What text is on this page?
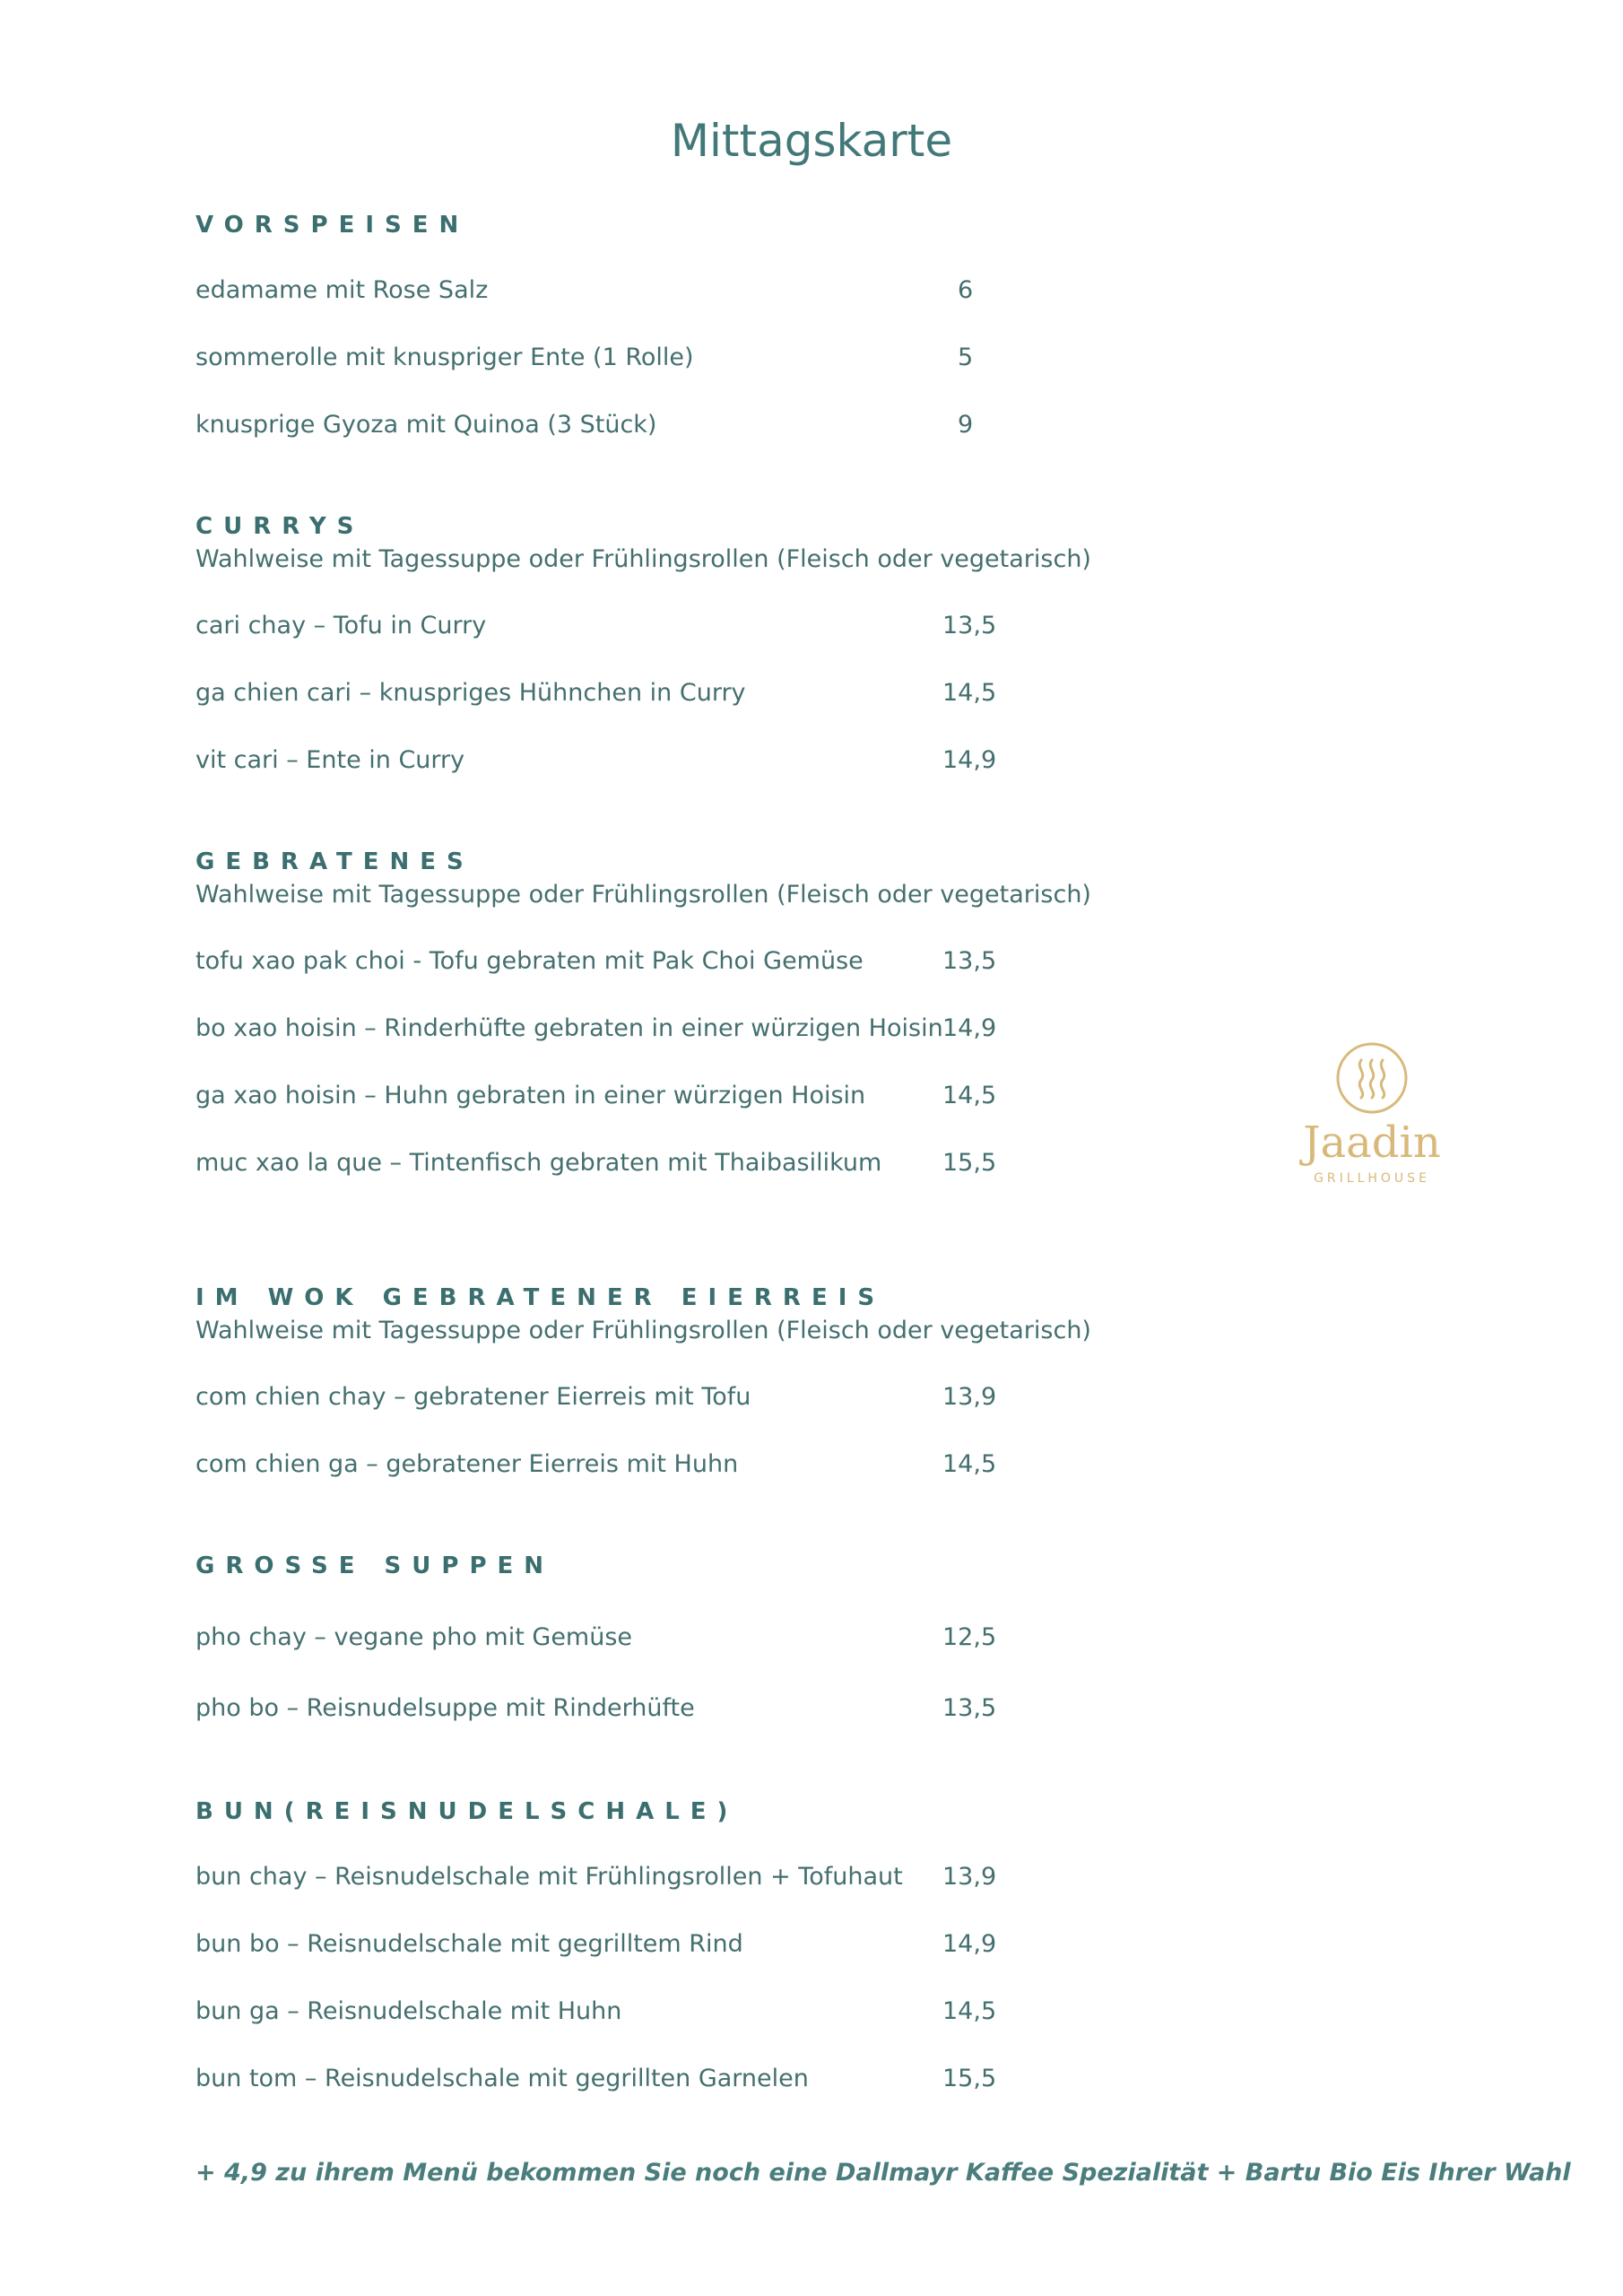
Mittagskarte
VORSPEISEN
edamame mit Rose Salz	6
sommerolle mit knuspriger Ente (1 Rolle)	5
knusprige Gyoza mit Quinoa (3 Stück)	9
CURRYS
Wahlweise mit Tagessuppe oder Frühlingsrollen (Fleisch oder vegetarisch)
cari chay – Tofu in Curry	13,5
ga chien cari – knuspriges Hühnchen in Curry	14,5
vit cari – Ente in Curry	14,9
GEBRATENES
Wahlweise mit Tagessuppe oder Frühlingsrollen (Fleisch oder vegetarisch)
tofu xao pak choi - Tofu gebraten mit Pak Choi Gemüse	13,5
bo xao hoisin – Rinderhüfte gebraten in einer würzigen Hoisin 14,9
ga xao hoisin – Huhn gebraten in einer würzigen Hoisin	14,5
muc xao la que – Tintenfisch gebraten mit Thaibasilikum	15,5
IM WOK GEBRATENER EIERREIS
Wahlweise mit Tagessuppe oder Frühlingsrollen (Fleisch oder vegetarisch)
com chien chay – gebratener Eierreis mit Tofu	13,9
com chien ga – gebratener Eierreis mit Huhn	14,5
GROSSE SUPPEN
pho chay – vegane pho mit Gemüse	12,5
pho bo – Reisnudelsuppe mit Rinderhüfte	13,5
BUN(REISNUDELSCHALE)
bun chay – Reisnudelschale mit Frühlingsrollen + Tofuhaut 13,9
bun bo – Reisnudelschale mit gegrilltem Rind	14,9
bun ga – Reisnudelschale mit Huhn	14,5
bun tom – Reisnudelschale mit gegrillten Garnelen	15,5
+ 4,9 zu ihrem Menü bekommen Sie noch eine Dallmayr Kaffee Spezialität + Bartu Bio Eis Ihrer Wahl
Jaadin
GRILLHOUSE
